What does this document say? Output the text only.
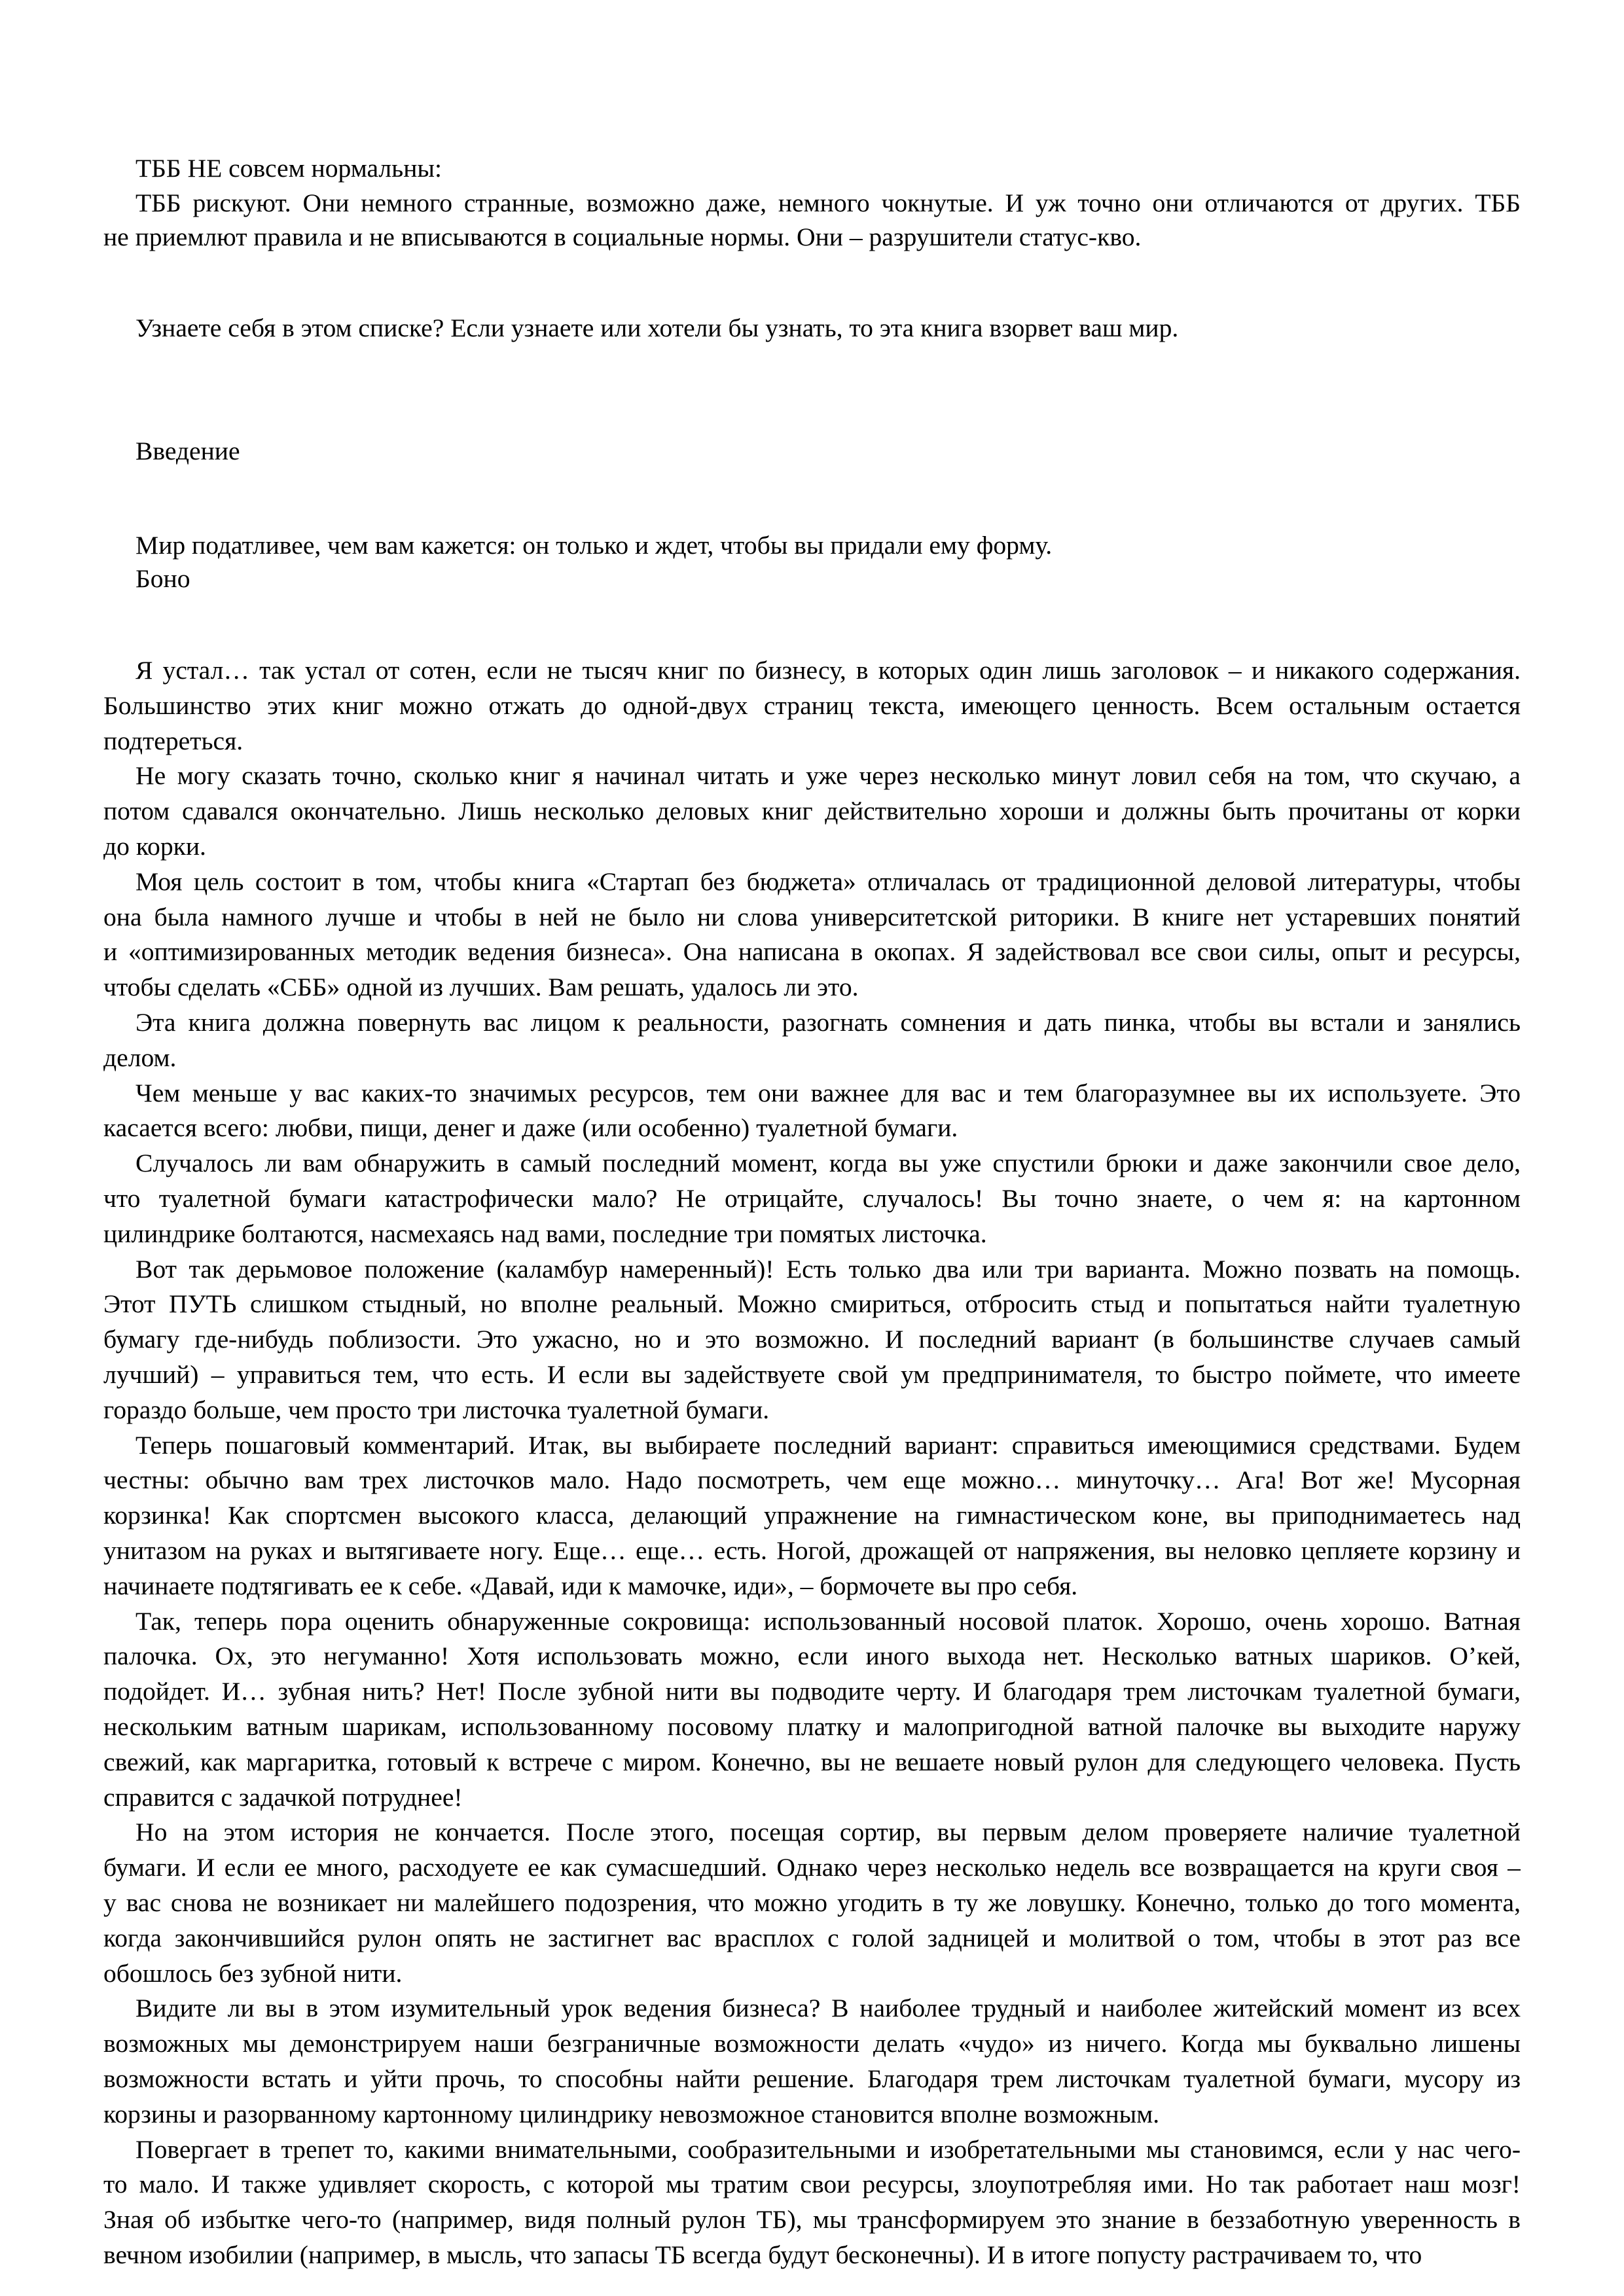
ТББ НЕ совсем нормальны:

ТББ рискуют. Они немного странные, возможно даже, немного чокнутые. И уж точно они отличаются от других. ТББ

не приемлют правила и не вписываются в социальные нормы. Они – разрушители статус-кво.

Узнаете себя в этом списке? Если узнаете или хотели бы узнать, то эта книга взорвет ваш мир.

Введение

Мир податливее, чем вам кажется: он только и ждет, чтобы вы придали ему форму.

Боно

Я устал… так устал от сотен, если не тысяч книг по бизнесу, в которых один лишь заголовок – и никакого содержания.

Большинство этих книг можно отжать до одной-двух страниц текста, имеющего ценность. Всем остальным остается

подтереться.

Не могу сказать точно, сколько книг я начинал читать и уже через несколько минут ловил себя на том, что скучаю, а

потом сдавался окончательно. Лишь несколько деловых книг действительно хороши и должны быть прочитаны от корки

до корки.

Моя цель состоит в том, чтобы книга «Стартап без бюджета» отличалась от традиционной деловой литературы, чтобы

она была намного лучше и чтобы в ней не было ни слова университетской риторики. В книге нет устаревших понятий

и «оптимизированных методик ведения бизнеса». Она написана в окопах. Я задействовал все свои силы, опыт и ресурсы,

чтобы сделать «СББ» одной из лучших. Вам решать, удалось ли это.

Эта книга должна повернуть вас лицом к реальности, разогнать сомнения и дать пинка, чтобы вы встали и занялись

делом.

Чем меньше у вас каких-то значимых ресурсов, тем они важнее для вас и тем благоразумнее вы их используете. Это

касается всего: любви, пищи, денег и даже (или особенно) туалетной бумаги.

Случалось ли вам обнаружить в самый последний момент, когда вы уже спустили брюки и даже закончили свое дело,

что туалетной бумаги катастрофически мало? Не отрицайте, случалось! Вы точно знаете, о чем я: на картонном

цилиндрике болтаются, насмехаясь над вами, последние три помятых листочка.

Вот так дерьмовое положение (каламбур намеренный)! Есть только два или три варианта. Можно позвать на помощь.

Этот ПУТЬ слишком стыдный, но вполне реальный. Можно смириться, отбросить стыд и попытаться найти туалетную

бумагу где-нибудь поблизости. Это ужасно, но и это возможно. И последний вариант (в большинстве случаев самый

лучший) – управиться тем, что есть. И если вы задействуете свой ум предпринимателя, то быстро поймете, что имеете

гораздо больше, чем просто три листочка туалетной бумаги.

Теперь пошаговый комментарий. Итак, вы выбираете последний вариант: справиться имеющимися средствами. Будем

честны: обычно вам трех листочков мало. Надо посмотреть, чем еще можно… минуточку… Ага! Вот же! Мусорная

корзинка! Как спортсмен высокого класса, делающий упражнение на гимнастическом коне, вы приподнимаетесь над

унитазом на руках и вытягиваете ногу. Еще… еще… есть. Ногой, дрожащей от напряжения, вы неловко цепляете корзину и

начинаете подтягивать ее к себе. «Давай, иди к мамочке, иди», – бормочете вы про себя.

Так, теперь пора оценить обнаруженные сокровища: использованный носовой платок. Хорошо, очень хорошо. Ватная

палочка. Ох, это негуманно! Хотя использовать можно, если иного выхода нет. Несколько ватных шариков. О’кей,

подойдет. И… зубная нить? Нет! После зубной нити вы подводите черту. И благодаря трем листочкам туалетной бумаги,

нескольким ватным шарикам, использованному посовому платку и малопригодной ватной палочке вы выходите наружу

свежий, как маргаритка, готовый к встрече с миром. Конечно, вы не вешаете новый рулон для следующего человека. Пусть

справится с задачкой потруднее!

Но на этом история не кончается. После этого, посещая сортир, вы первым делом проверяете наличие туалетной

бумаги. И если ее много, расходуете ее как сумасшедший. Однако через несколько недель все возвращается на круги своя –

у вас снова не возникает ни малейшего подозрения, что можно угодить в ту же ловушку. Конечно, только до того момента,

когда закончившийся рулон опять не застигнет вас врасплох с голой задницей и молитвой о том, чтобы в этот раз все

обошлось без зубной нити.

Видите ли вы в этом изумительный урок ведения бизнеса? В наиболее трудный и наиболее житейский момент из всех

возможных мы демонстрируем наши безграничные возможности делать «чудо» из ничего. Когда мы буквально лишены

возможности встать и уйти прочь, то способны найти решение. Благодаря трем листочкам туалетной бумаги, мусору из

корзины и разорванному картонному цилиндрику невозможное становится вполне возможным.

Повергает в трепет то, какими внимательными, сообразительными и изобретательными мы становимся, если у нас чего-

то мало. И также удивляет скорость, с которой мы тратим свои ресурсы, злоупотребляя ими. Но так работает наш мозг!

Зная об избытке чего-то (например, видя полный рулон ТБ), мы трансформируем это знание в беззаботную уверенность в

вечном изобилии (например, в мысль, что запасы ТБ всегда будут бесконечны). И в итоге попусту растрачиваем то, что
